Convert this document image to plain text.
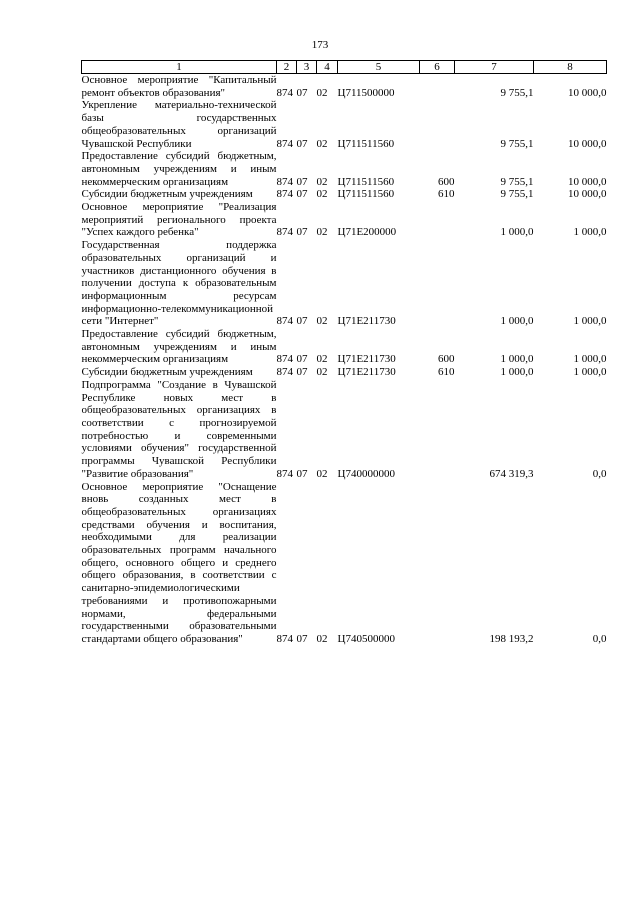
173
1	2	3	4	5	6	7	8
Основное мероприятие "Капитальный ремонт объектов образования"	874	07	02	Ц711500000		9 755,1	10 000,0
Укрепление материально-технической базы государственных общеобразовательных организаций Чувашской Республики	874	07	02	Ц711511560		9 755,1	10 000,0
Предоставление субсидий бюджетным, автономным учреждениям и иным некоммерческим организациям	874	07	02	Ц711511560	600	9 755,1	10 000,0
Субсидии бюджетным учреждениям	874	07	02	Ц711511560	610	9 755,1	10 000,0
Основное мероприятие "Реализация мероприятий регионального проекта "Успех каждого ребенка"	874	07	02	Ц71Е200000		1 000,0	1 000,0
Государственная поддержка образовательных организаций и участников дистанционного обучения в получении доступа к образовательным информационным ресурсам информационно-телекоммуникационной сети "Интернет"	874	07	02	Ц71Е211730		1 000,0	1 000,0
Предоставление субсидий бюджетным, автономным учреждениям и иным некоммерческим организациям	874	07	02	Ц71Е211730	600	1 000,0	1 000,0
Субсидии бюджетным учреждениям	874	07	02	Ц71Е211730	610	1 000,0	1 000,0
Подпрограмма "Создание в Чувашской Республике новых мест в общеобразовательных организациях в соответствии с прогнозируемой потребностью и современными условиями обучения" государственной программы Чувашской Республики "Развитие образования"	874	07	02	Ц740000000		674 319,3	0,0
Основное мероприятие "Оснащение вновь созданных мест в общеобразовательных организациях средствами обучения и воспитания, необходимыми для реализации образовательных программ начального общего, основного общего и среднего общего образования, в соответствии с санитарно-эпидемиологическими требованиями и противопожарными нормами, федеральными государственными образовательными стандартами общего образования"	874	07	02	Ц740500000		198 193,2	0,0
